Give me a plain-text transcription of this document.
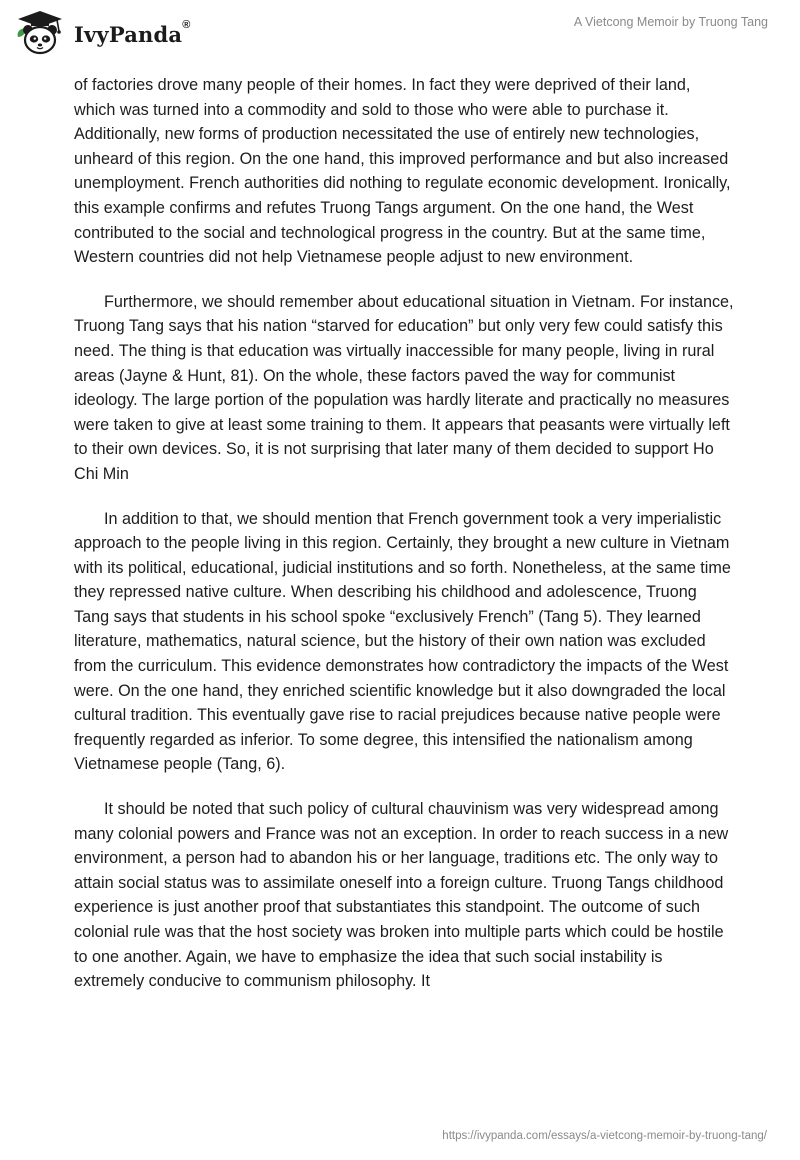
IvyPanda®	A Vietcong Memoir by Truong Tang

of factories drove many people of their homes. In fact they were deprived of their land, which was turned into a commodity and sold to those who were able to purchase it. Additionally, new forms of production necessitated the use of entirely new technologies, unheard of this region. On the one hand, this improved performance and but also increased unemployment. French authorities did nothing to regulate economic development. Ironically, this example confirms and refutes Truong Tangs argument. On the one hand, the West contributed to the social and technological progress in the country. But at the same time, Western countries did not help Vietnamese people adjust to new environment.

Furthermore, we should remember about educational situation in Vietnam. For instance, Truong Tang says that his nation “starved for education” but only very few could satisfy this need. The thing is that education was virtually inaccessible for many people, living in rural areas (Jayne & Hunt, 81). On the whole, these factors paved the way for communist ideology. The large portion of the population was hardly literate and practically no measures were taken to give at least some training to them. It appears that peasants were virtually left to their own devices. So, it is not surprising that later many of them decided to support Ho Chi Min

In addition to that, we should mention that French government took a very imperialistic approach to the people living in this region. Certainly, they brought a new culture in Vietnam with its political, educational, judicial institutions and so forth. Nonetheless, at the same time they repressed native culture. When describing his childhood and adolescence, Truong Tang says that students in his school spoke “exclusively French” (Tang 5). They learned literature, mathematics, natural science, but the history of their own nation was excluded from the curriculum. This evidence demonstrates how contradictory the impacts of the West were. On the one hand, they enriched scientific knowledge but it also downgraded the local cultural tradition. This eventually gave rise to racial prejudices because native people were frequently regarded as inferior. To some degree, this intensified the nationalism among Vietnamese people (Tang, 6).

It should be noted that such policy of cultural chauvinism was very widespread among many colonial powers and France was not an exception. In order to reach success in a new environment, a person had to abandon his or her language, traditions etc. The only way to attain social status was to assimilate oneself into a foreign culture. Truong Tangs childhood experience is just another proof that substantiates this standpoint. The outcome of such colonial rule was that the host society was broken into multiple parts which could be hostile to one another. Again, we have to emphasize the idea that such social instability is extremely conducive to communism philosophy. It

https://ivypanda.com/essays/a-vietcong-memoir-by-truong-tang/
